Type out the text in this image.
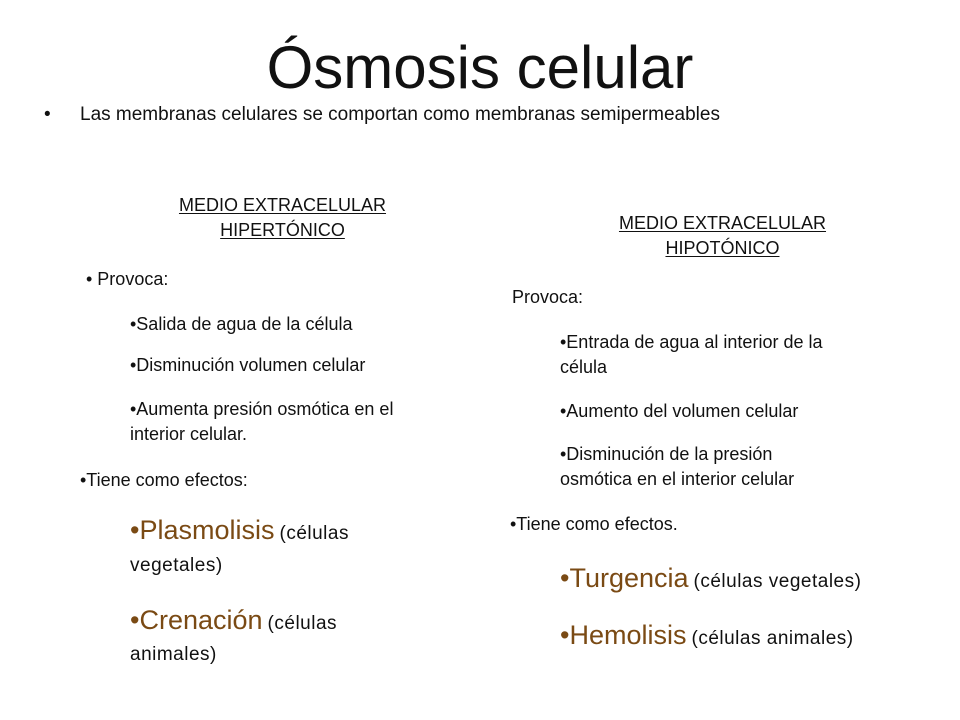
Ósmosis celular
• Las membranas celulares se comportan como membranas semipermeables
MEDIO EXTRACELULAR
HIPERTÓNICO
• Provoca:
•Salida de agua de la célula
•Disminución volumen celular
•Aumenta presión osmótica en el
interior celular.
•Tiene como efectos:
•Plasmolisis (células
vegetales)
•Crenación (células
animales)
MEDIO EXTRACELULAR
HIPOTÓNICO
Provoca:
•Entrada de agua al interior de la
célula
•Aumento del volumen celular
•Disminución de la presión
osmótica en el interior celular
•Tiene como efectos.
•Turgencia (células vegetales)
•Hemolisis (células animales)
